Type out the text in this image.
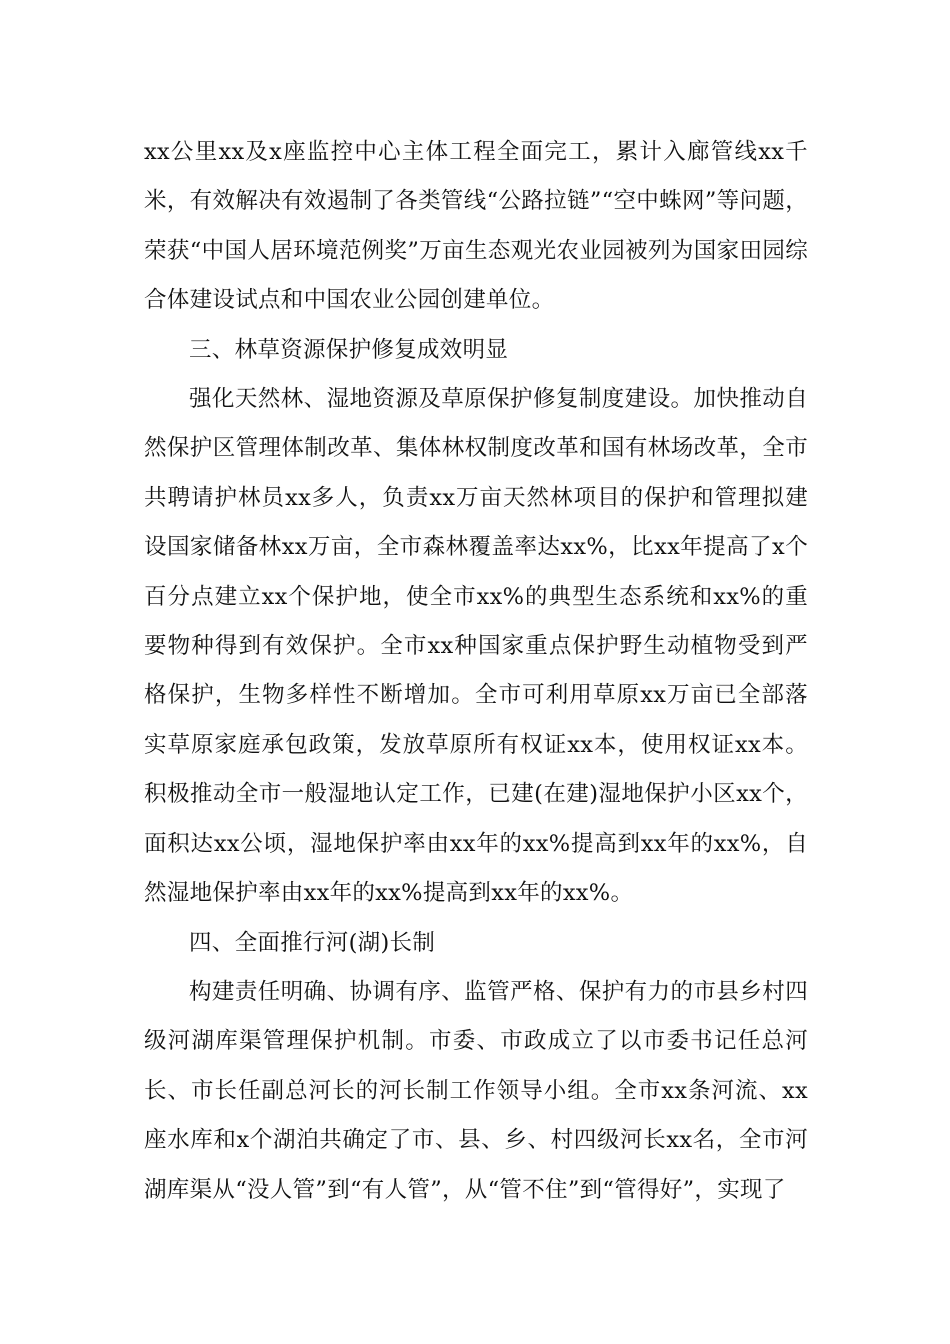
xx公里xx及x座监控中心主体工程全面完工，累计入廊管线xx千米，有效解决有效遏制了各类管线“公路拉链”“空中蛛网”等问题，荣获“中国人居环境范例奖”万亩生态观光农业园被列为国家田园综合体建设试点和中国农业公园创建单位。

三、林草资源保护修复成效明显

强化天然林、湿地资源及草原保护修复制度建设。加快推动自然保护区管理体制改革、集体林权制度改革和国有林场改革，全市共聘请护林员xx多人，负责xx万亩天然林项目的保护和管理拟建设国家储备林xx万亩，全市森林覆盖率达xx%，比xx年提高了x个百分点建立xx个保护地，使全市xx%的典型生态系统和xx%的重要物种得到有效保护。全市xx种国家重点保护野生动植物受到严格保护，生物多样性不断增加。全市可利用草原xx万亩已全部落实草原家庭承包政策，发放草原所有权证xx本，使用权证xx本。积极推动全市一般湿地认定工作，已建(在建)湿地保护小区xx个，面积达xx公顷，湿地保护率由xx年的xx%提高到xx年的xx%，自然湿地保护率由xx年的xx%提高到xx年的xx%。

四、全面推行河(湖)长制

构建责任明确、协调有序、监管严格、保护有力的市县乡村四级河湖库渠管理保护机制。市委、市政成立了以市委书记任总河长、市长任副总河长的河长制工作领导小组。全市xx条河流、xx座水库和x个湖泊共确定了市、县、乡、村四级河长xx名，全市河湖库渠从“没人管”到“有人管”，从“管不住”到“管得好”，实现了
